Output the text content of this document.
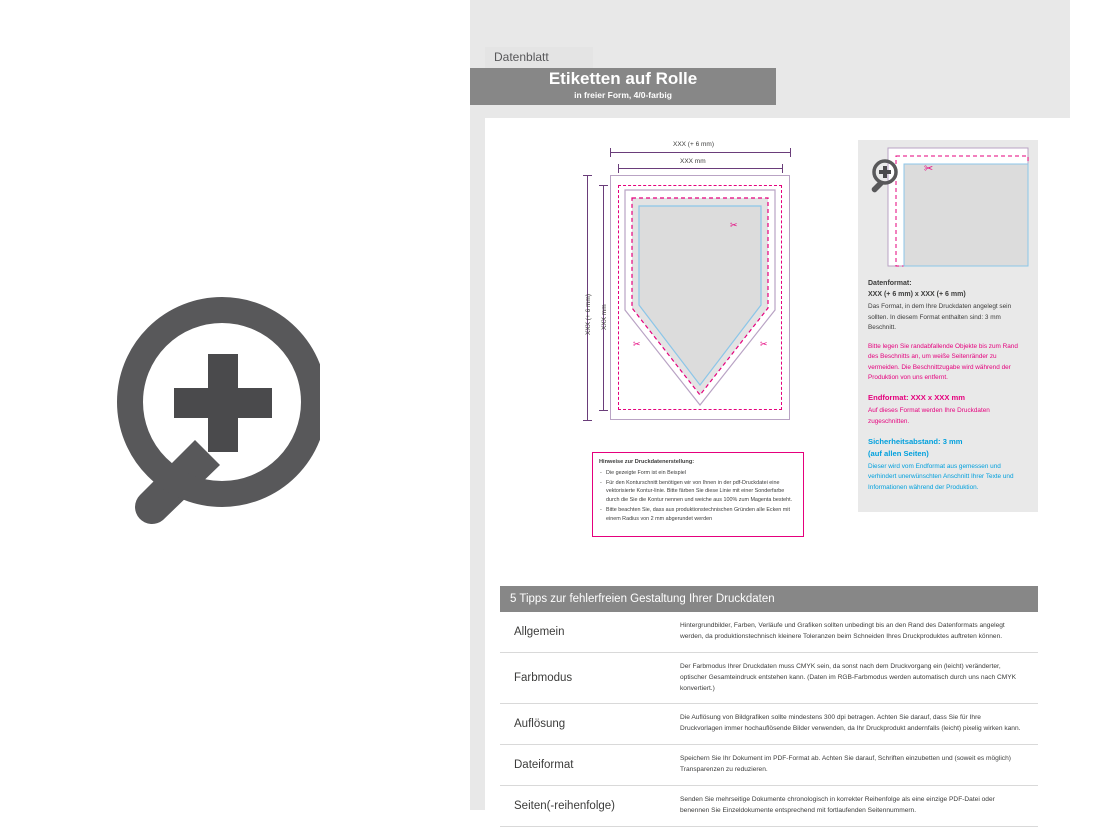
Datenblatt
Etiketten auf Rolle
in freier Form, 4/0-farbig
XXX (+ 6 mm)
XXX mm
XXX (+ 6 mm) XXX mm
✂
✂
✂
Hinweise zur Druckdatenerstellung:
- Die gezeigte Form ist ein Beispiel
- Für den Konturschnitt benötigen wir von Ihnen in der pdf-Druckdatei eine vektorisierte Kontur-linie. Bitte färben Sie diese Linie mit einer Sonderfarbe durch die Sie die Kontur nennen und weiche aus 100% zum Magenta besteht.
- Bitte beachten Sie, dass aus produktionstechnischen Gründen alle Ecken mit einem Radius von 2 mm abgerundet werden
✂
Datenformat:
XXX (+ 6 mm) x XXX (+ 6 mm)
Das Format, in dem Ihre Druckdaten angelegt sein sollten. In diesem Format enthalten sind: 3 mm Beschnitt.
Bitte legen Sie randabfallende Objekte bis zum Rand des Beschnitts an, um weiße Seitenränder zu vermeiden. Die Beschnittzugabe wird während der Produktion von uns entfernt.
Endformat: XXX x XXX mm
Auf dieses Format werden Ihre Druckdaten zugeschnitten.
Sicherheitsabstand: 3 mm
(auf allen Seiten)
Dieser wird vom Endformat aus gemessen und verhindert unerwünschten Anschnitt Ihrer Texte und Informationen während der Produktion.
5 Tipps zur fehlerfreien Gestaltung Ihrer Druckdaten
Allgemein	Hintergrundbilder, Farben, Verläufe und Grafiken sollten unbedingt bis an den Rand des Datenformats angelegt werden, da produktionstechnisch kleinere Toleranzen beim Schneiden Ihres Druckproduktes auftreten können.
Farbmodus	Der Farbmodus Ihrer Druckdaten muss CMYK sein, da sonst nach dem Druckvorgang ein (leicht) veränderter, optischer Gesamteindruck entstehen kann. (Daten im RGB-Farbmodus werden automatisch durch uns nach CMYK konvertiert.)
Auflösung	Die Auflösung von Bildgrafiken sollte mindestens 300 dpi betragen. Achten Sie darauf, dass Sie für Ihre Druckvorlagen immer hochauflösende Bilder verwenden, da Ihr Druckprodukt andernfalls (leicht) pixelig wirken kann.
Dateiformat	Speichern Sie Ihr Dokument im PDF-Format ab. Achten Sie darauf, Schriften einzubetten und (soweit es möglich) Transparenzen zu reduzieren.
Seiten(-reihenfolge)	Senden Sie mehrseitige Dokumente chronologisch in korrekter Reihenfolge als eine einzige PDF-Datei oder benennen Sie Einzeldokumente entsprechend mit fortlaufenden Seitennummern.
